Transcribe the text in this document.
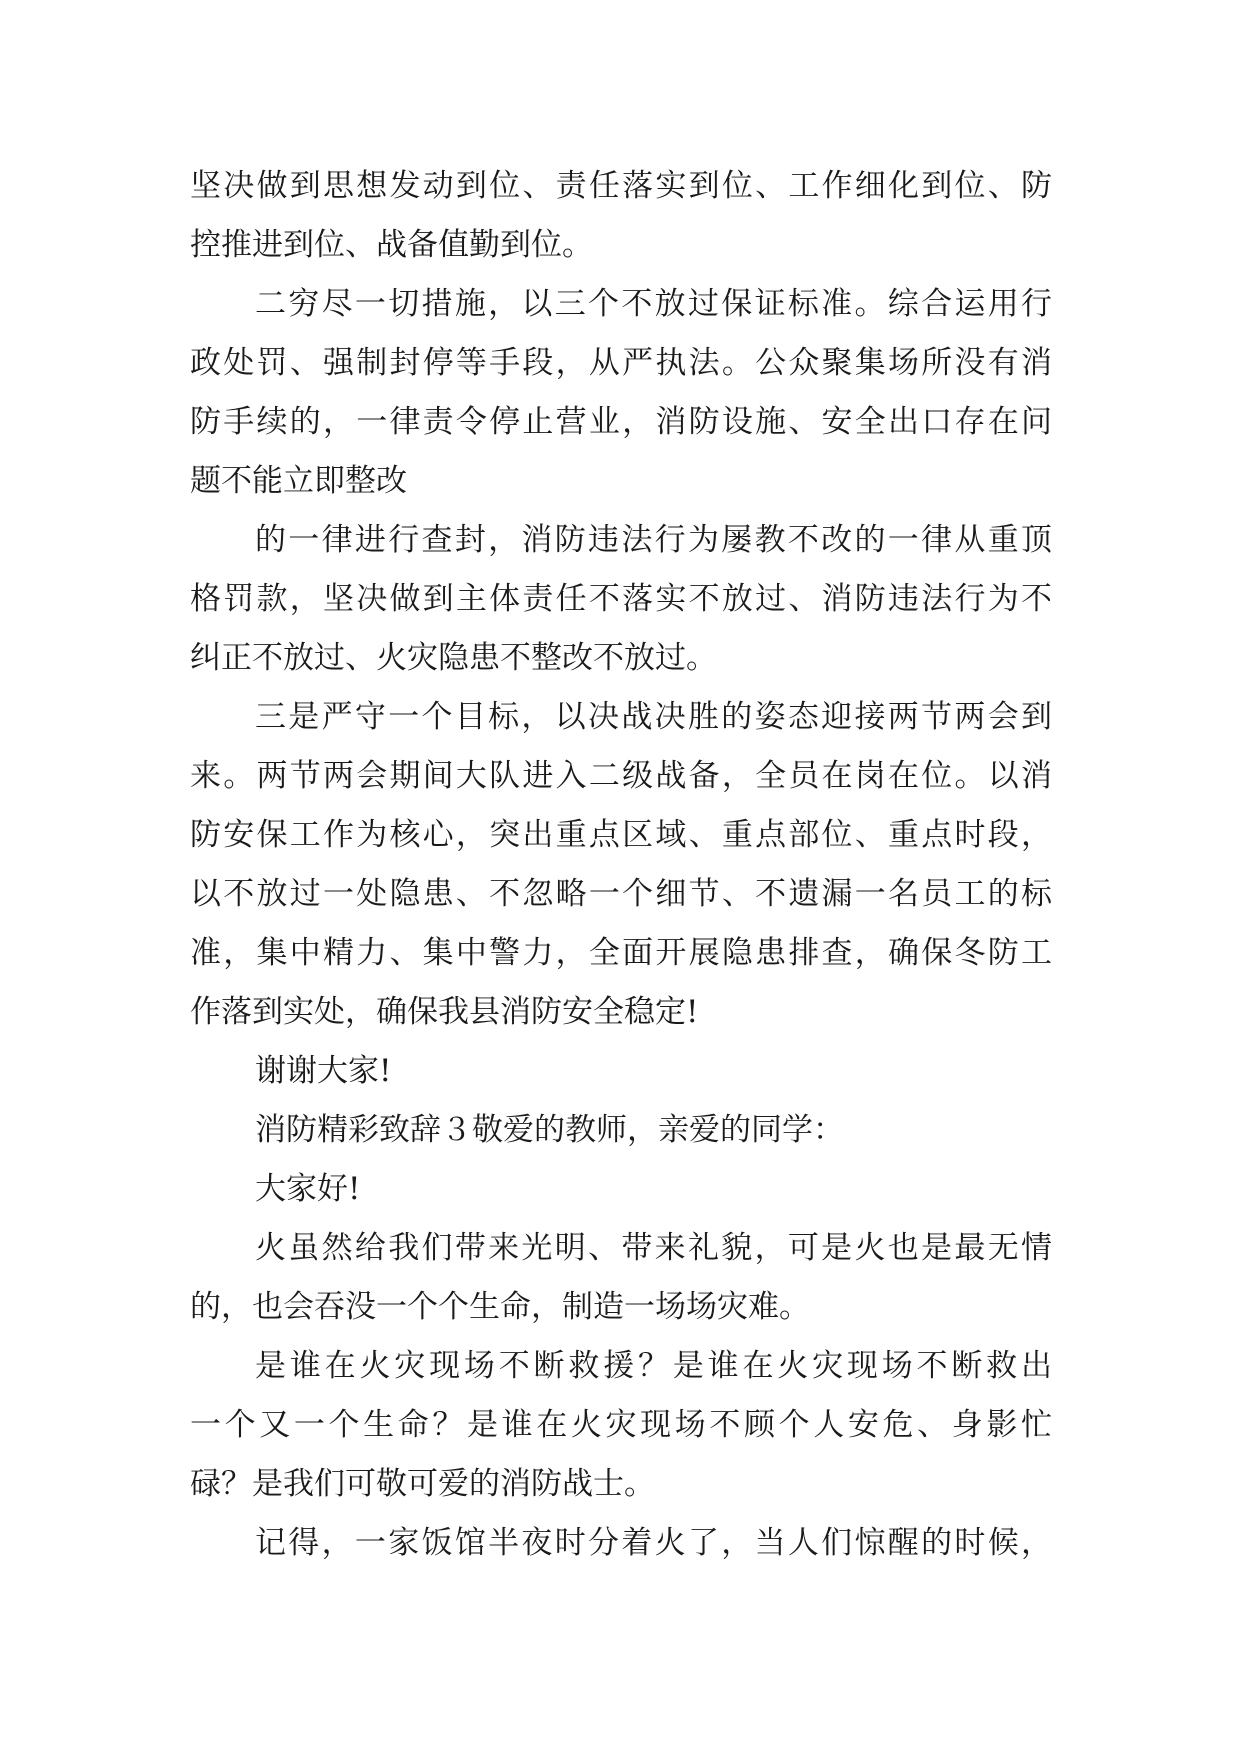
坚决做到思想发动到位、责任落实到位、工作细化到位、防
控推进到位、战备值勤到位。
二穷尽一切措施，以三个不放过保证标准。综合运用行
政处罚、强制封停等手段，从严执法。公众聚集场所没有消
防手续的，一律责令停止营业，消防设施、安全出口存在问
题不能立即整改
的一律进行查封，消防违法行为屡教不改的一律从重顶
格罚款，坚决做到主体责任不落实不放过、消防违法行为不
纠正不放过、火灾隐患不整改不放过。
三是严守一个目标，以决战决胜的姿态迎接两节两会到
来。两节两会期间大队进入二级战备，全员在岗在位。以消
防安保工作为核心，突出重点区域、重点部位、重点时段，
以不放过一处隐患、不忽略一个细节、不遗漏一名员工的标
准，集中精力、集中警力，全面开展隐患排查，确保冬防工
作落到实处，确保我县消防安全稳定!
谢谢大家!
消防精彩致辞３敬爱的教师，亲爱的同学：
大家好!
火虽然给我们带来光明、带来礼貌，可是火也是最无情
的，也会吞没一个个生命，制造一场场灾难。
是谁在火灾现场不断救援？是谁在火灾现场不断救出
一个又一个生命？是谁在火灾现场不顾个人安危、身影忙
碌？是我们可敬可爱的消防战士。
记得，一家饭馆半夜时分着火了，当人们惊醒的时候，
